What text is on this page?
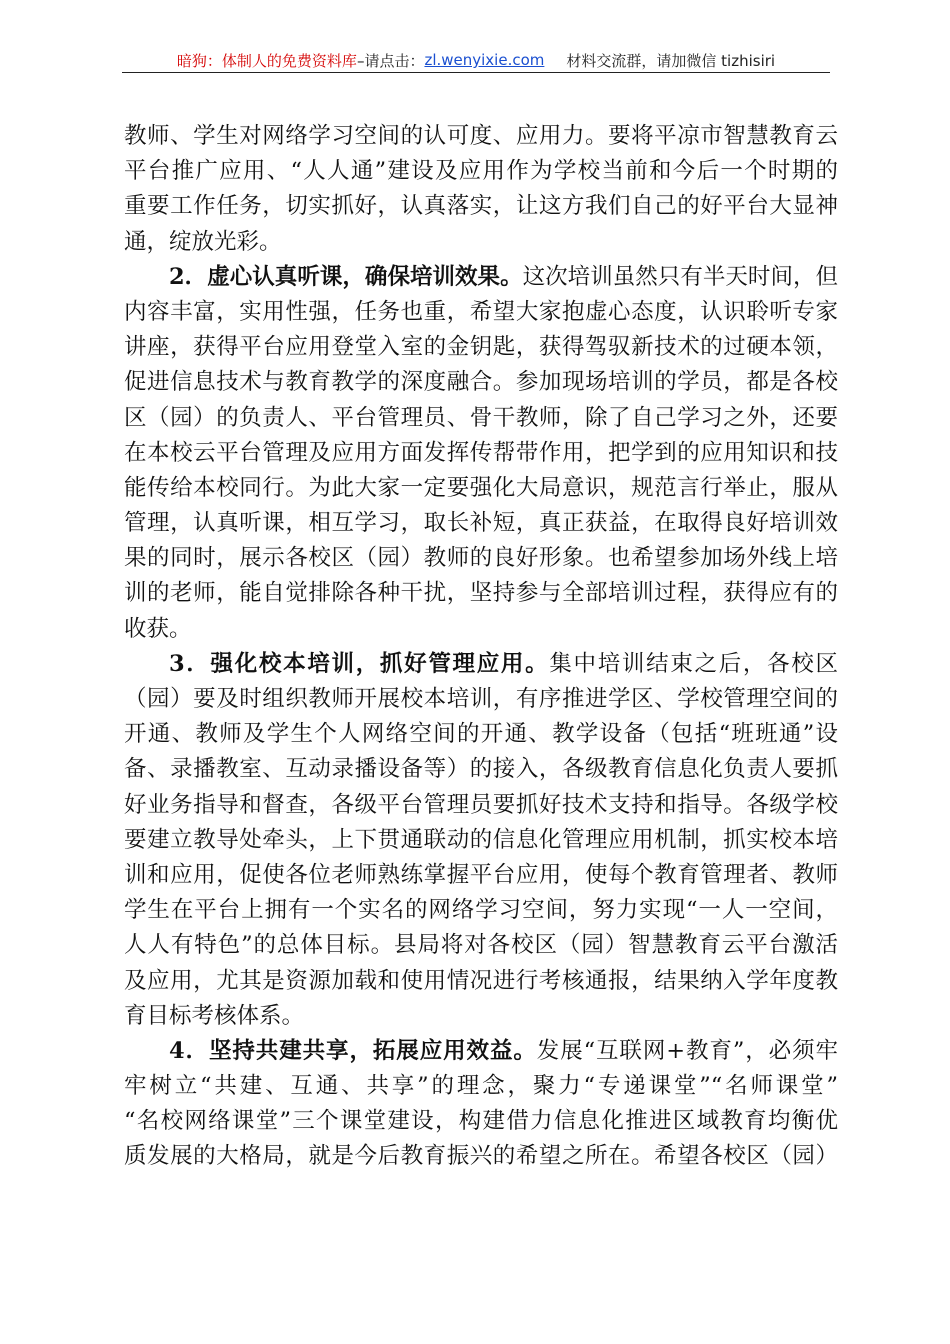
暗狗：体制人的免费资料库 –请点击： zl.wenyixie.com 材料交流群，请加微信 tizhisiri
教师、学生对网络学习空间的认可度、应用力。要将平凉市智慧教育云
平台推广应用、“人人通”建设及应用作为学校当前和今后一个时期的
重要工作任务，切实抓好，认真落实，让这方我们自己的好平台大显神
通，绽放光彩。
2．虚心认真听课，确保培训效果。这次培训虽然只有半天时间，但
内容丰富，实用性强，任务也重，希望大家抱虚心态度，认识聆听专家
讲座，获得平台应用登堂入室的金钥匙，获得驾驭新技术的过硬本领，
促进信息技术与教育教学的深度融合。参加现场培训的学员，都是各校
区（园）的负责人、平台管理员、骨干教师，除了自己学习之外，还要
在本校云平台管理及应用方面发挥传帮带作用，把学到的应用知识和技
能传给本校同行。为此大家一定要强化大局意识，规范言行举止，服从
管理，认真听课，相互学习，取长补短，真正获益，在取得良好培训效
果的同时，展示各校区（园）教师的良好形象。也希望参加场外线上培
训的老师，能自觉排除各种干扰，坚持参与全部培训过程，获得应有的
收获。
3．强化校本培训，抓好管理应用。集中培训结束之后，各校区
（园）要及时组织教师开展校本培训，有序推进学区、学校管理空间的
开通、教师及学生个人网络空间的开通、教学设备（包括“班班通”设
备、录播教室、互动录播设备等）的接入，各级教育信息化负责人要抓
好业务指导和督查，各级平台管理员要抓好技术支持和指导。各级学校
要建立教导处牵头，上下贯通联动的信息化管理应用机制，抓实校本培
训和应用，促使各位老师熟练掌握平台应用，使每个教育管理者、教师
学生在平台上拥有一个实名的网络学习空间，努力实现“一人一空间，
人人有特色”的总体目标。县局将对各校区（园）智慧教育云平台激活
及应用，尤其是资源加载和使用情况进行考核通报，结果纳入学年度教
育目标考核体系。
4．坚持共建共享，拓展应用效益。发展“互联网+教育”，必须牢
牢树立“共建、互通、共享”的理念，聚力“专递课堂”“名师课堂”
“名校网络课堂”三个课堂建设，构建借力信息化推进区域教育均衡优
质发展的大格局，就是今后教育振兴的希望之所在。希望各校区（园）
